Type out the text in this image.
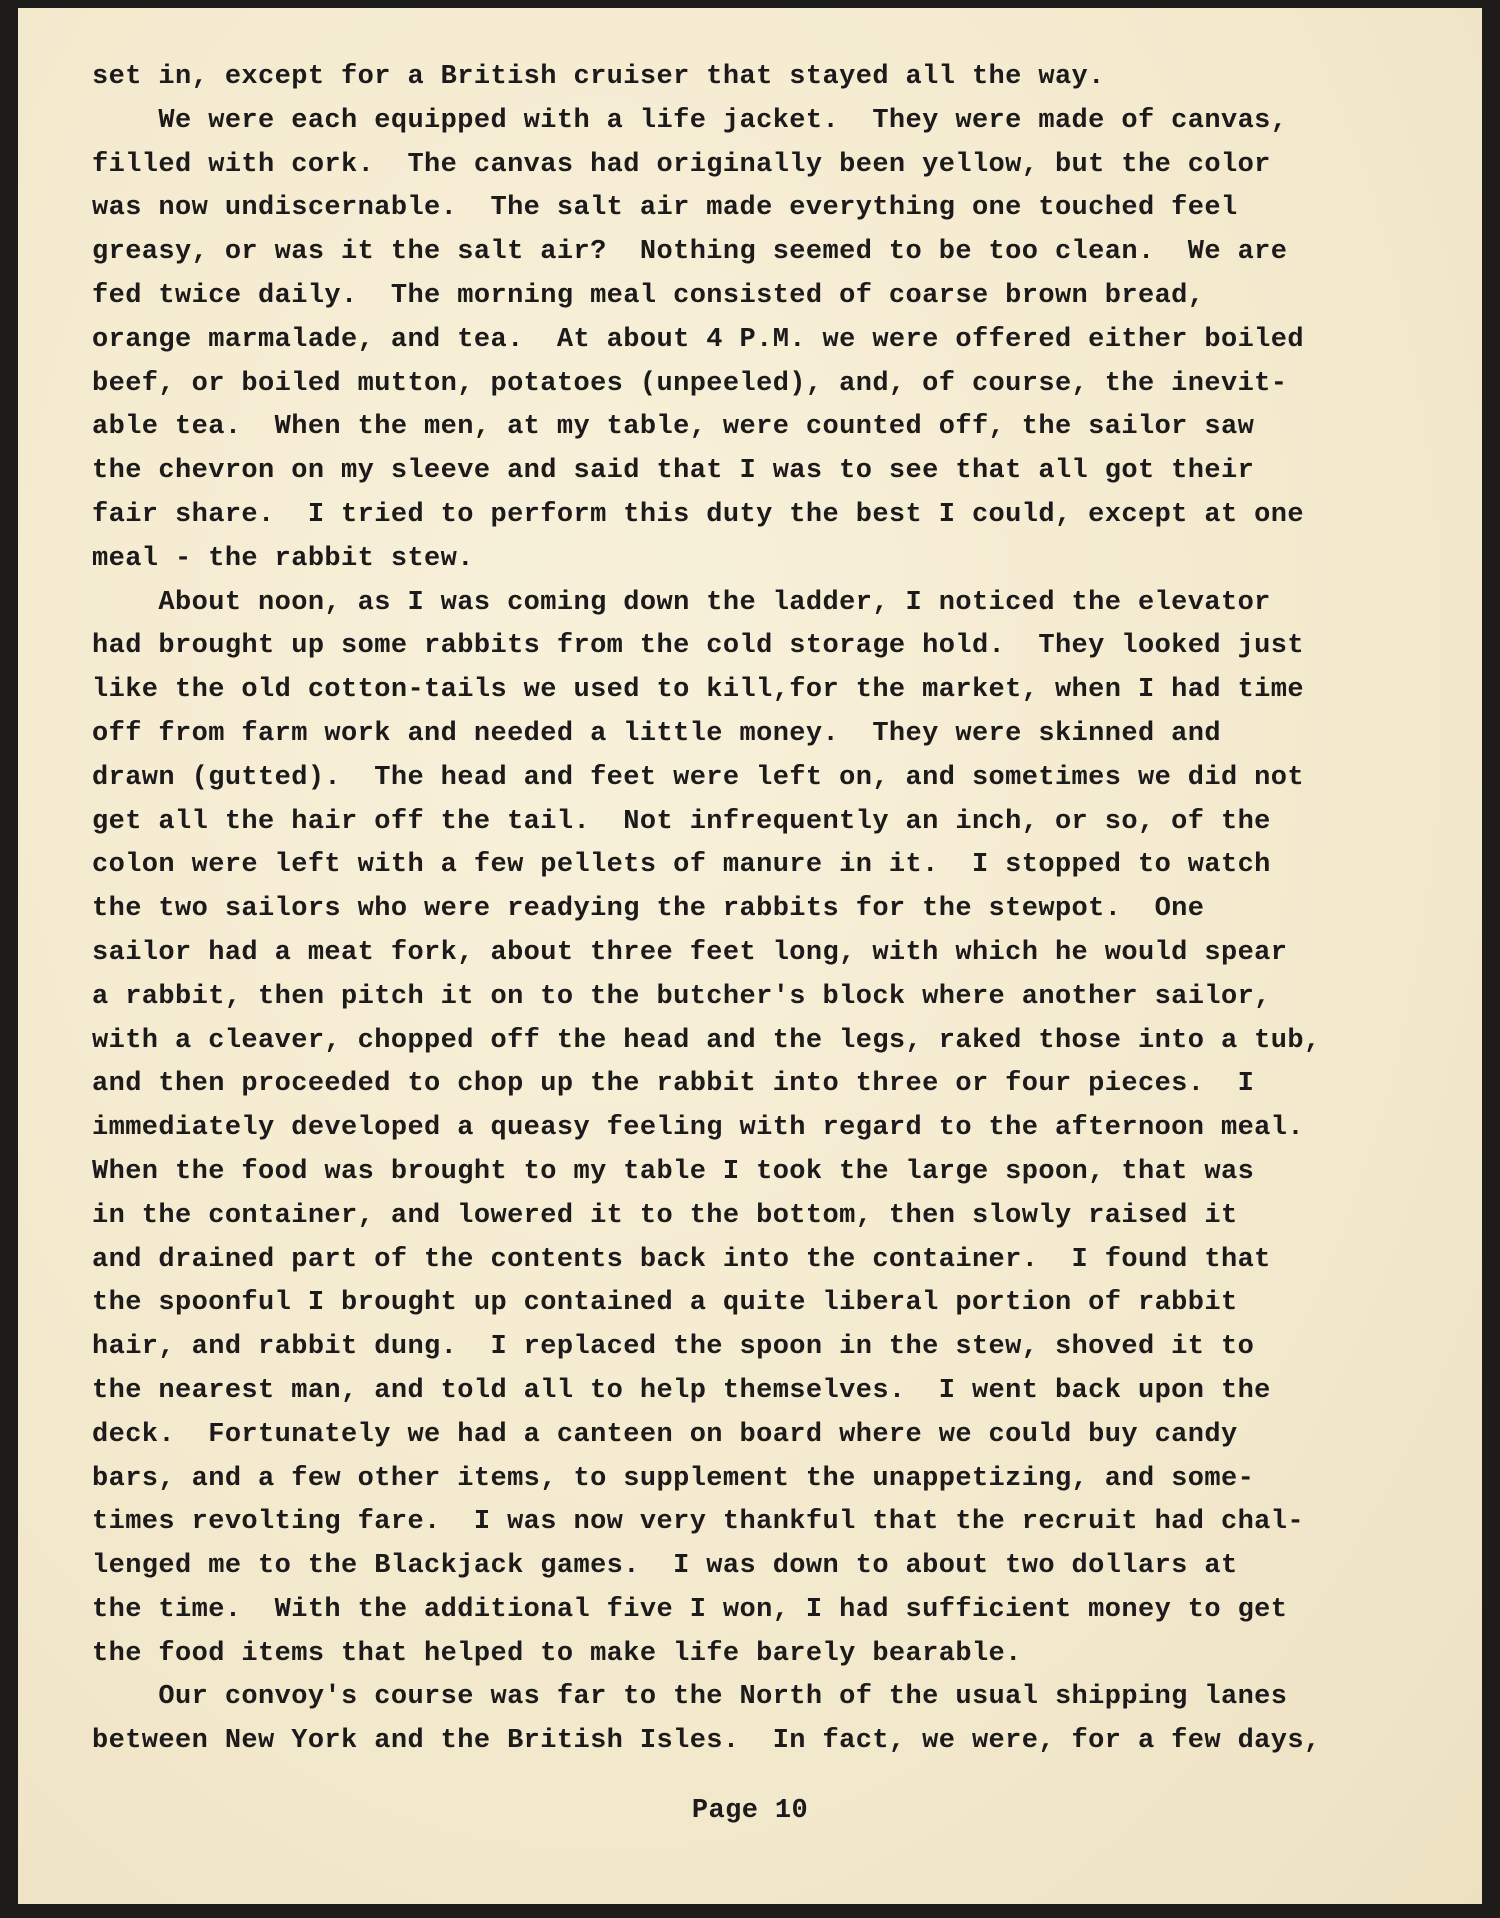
set in, except for a British cruiser that stayed all the way.
We were each equipped with a life jacket.  They were made of canvas,
filled with cork.  The canvas had originally been yellow, but the color
was now undiscernable.  The salt air made everything one touched feel
greasy, or was it the salt air?  Nothing seemed to be too clean.  We are
fed twice daily.  The morning meal consisted of coarse brown bread,
orange marmalade, and tea.  At about 4 P.M. we were offered either boiled
beef, or boiled mutton, potatoes (unpeeled), and, of course, the inevit-
able tea.  When the men, at my table, were counted off, the sailor saw
the chevron on my sleeve and said that I was to see that all got their
fair share.  I tried to perform this duty the best I could, except at one
meal - the rabbit stew.
About noon, as I was coming down the ladder, I noticed the elevator
had brought up some rabbits from the cold storage hold.  They looked just
like the old cotton-tails we used to kill,for the market, when I had time
off from farm work and needed a little money.  They were skinned and
drawn (gutted).  The head and feet were left on, and sometimes we did not
get all the hair off the tail.  Not infrequently an inch, or so, of the
colon were left with a few pellets of manure in it.  I stopped to watch
the two sailors who were readying the rabbits for the stewpot.  One
sailor had a meat fork, about three feet long, with which he would spear
a rabbit, then pitch it on to the butcher's block where another sailor,
with a cleaver, chopped off the head and the legs, raked those into a tub,
and then proceeded to chop up the rabbit into three or four pieces.  I
immediately developed a queasy feeling with regard to the afternoon meal.
When the food was brought to my table I took the large spoon, that was
in the container, and lowered it to the bottom, then slowly raised it
and drained part of the contents back into the container.  I found that
the spoonful I brought up contained a quite liberal portion of rabbit
hair, and rabbit dung.  I replaced the spoon in the stew, shoved it to
the nearest man, and told all to help themselves.  I went back upon the
deck.  Fortunately we had a canteen on board where we could buy candy
bars, and a few other items, to supplement the unappetizing, and some-
times revolting fare.  I was now very thankful that the recruit had chal-
lenged me to the Blackjack games.  I was down to about two dollars at
the time.  With the additional five I won, I had sufficient money to get
the food items that helped to make life barely bearable.
Our convoy's course was far to the North of the usual shipping lanes
between New York and the British Isles.  In fact, we were, for a few days,
Page 10
